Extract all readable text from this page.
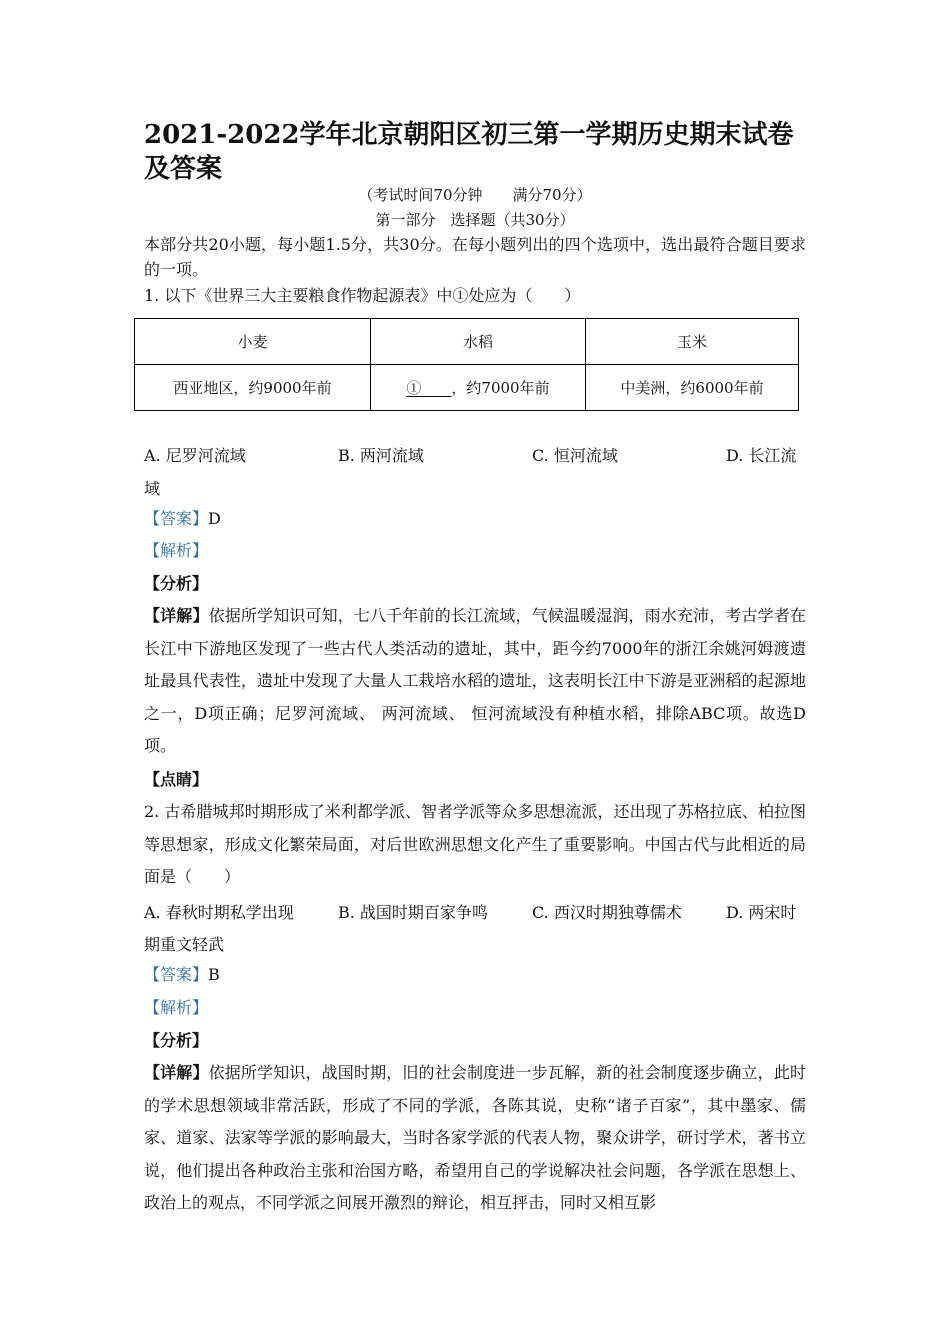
2021-2022学年北京朝阳区初三第一学期历史期末试卷及答案
（考试时间70分钟　　满分70分）
第一部分　选择题（共30分）
本部分共20小题，每小题1.5分，共30分。在每小题列出的四个选项中，选出最符合题目要求的一项。
1. 以下《世界三大主要粮食作物起源表》中①处应为（　　）
小麦	水稻	玉米
西亚地区，约9000年前	①　　，约7000年前	中美洲，约6000年前
A. 尼罗河流域	B. 两河流域	C. 恒河流域	D. 长江流
域
【答案】D
【解析】
【分析】
【详解】依据所学知识可知，七八千年前的长江流域，气候温暖湿润，雨水充沛，考古学者在长江中下游地区发现了一些古代人类活动的遗址，其中，距今约7000年的浙江余姚河姆渡遗址最具代表性，遗址中发现了大量人工栽培水稻的遗址，这表明长江中下游是亚洲稻的起源地之一，D项正确；尼罗河流域、 两河流域、 恒河流域没有种植水稻，排除ABC项。故选D项。
【点睛】
2. 古希腊城邦时期形成了米利都学派、智者学派等众多思想流派，还出现了苏格拉底、柏拉图等思想家，形成文化繁荣局面，对后世欧洲思想文化产生了重要影响。中国古代与此相近的局面是（　　）
A. 春秋时期私学出现	B. 战国时期百家争鸣	C. 西汉时期独尊儒术	D. 两宋时
期重文轻武
【答案】B
【解析】
【分析】
【详解】依据所学知识，战国时期，旧的社会制度进一步瓦解，新的社会制度逐步确立，此时的学术思想领域非常活跃，形成了不同的学派，各陈其说，史称“诸子百家”，其中墨家、儒家、道家、法家等学派的影响最大，当时各家学派的代表人物，聚众讲学，研讨学术，著书立说，他们提出各种政治主张和治国方略，希望用自己的学说解决社会问题，各学派在思想上、政治上的观点，不同学派之间展开激烈的辩论，相互抨击，同时又相互影
